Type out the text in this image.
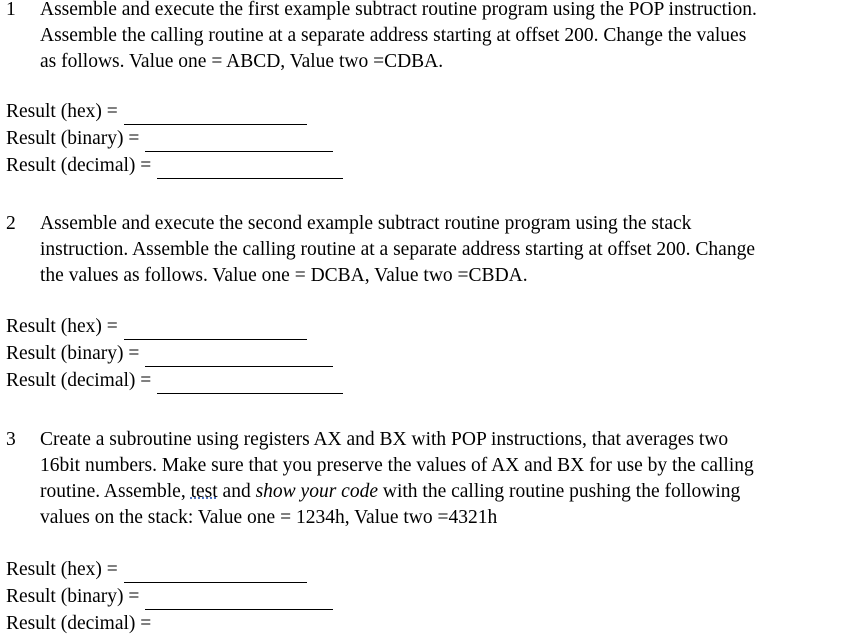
1 Assemble and execute the first example subtract routine program using the POP instruction.
Assemble the calling routine at a separate address starting at offset 200. Change the values
as follows. Value one = ABCD, Value two =CDBA.
Result (hex) =
Result (binary) =
Result (decimal) =
2 Assemble and execute the second example subtract routine program using the stack
instruction. Assemble the calling routine at a separate address starting at offset 200. Change
the values as follows. Value one = DCBA, Value two =CBDA.
Result (hex) =
Result (binary) =
Result (decimal) =
3 Create a subroutine using registers AX and BX with POP instructions, that averages two
16bit numbers. Make sure that you preserve the values of AX and BX for use by the calling
routine. Assemble, test and show your code with the calling routine pushing the following
values on the stack: Value one = 1234h, Value two =4321h
Result (hex) =
Result (binary) =
Result (decimal) =
